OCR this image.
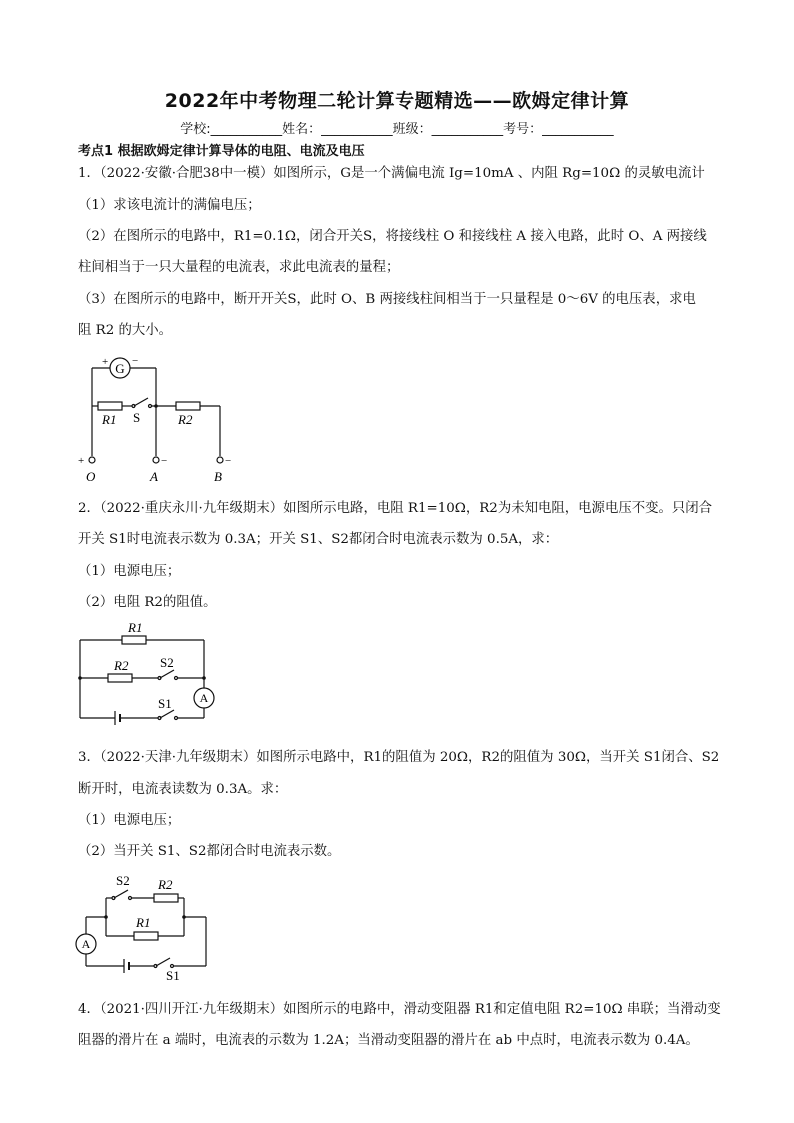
2022年中考物理二轮计算专题精选——欧姆定律计算
学校:___________姓名：___________班级：___________考号：___________
考点1 根据欧姆定律计算导体的电阻、电流及电压
1．（2022·安徽·合肥38中一模）如图所示，G是一个满偏电流 Ig=10mA 、内阻 Rg=10Ω 的灵敏电流计
（1）求该电流计的满偏电压；
（2）在图所示的电路中，R1=0.1Ω，闭合开关S，将接线柱 O 和接线柱 A 接入电路，此时 O、A 两接线
柱间相当于一只大量程的电流表，求此电流表的量程；
（3）在图所示的电路中，断开开关S，此时 O、B 两接线柱间相当于一只量程是 0～6V 的电压表，求电
阻 R2 的大小。
G
+ −
R1 S	R2
+	−	−
O	A	B
2．（2022·重庆永川·九年级期末）如图所示电路，电阻 R1=10Ω，R2为未知电阻，电源电压不变。只闭合
开关 S1时电流表示数为 0.3A；开关 S1、S2都闭合时电流表示数为 0.5A，求：
（1）电源电压；
（2）电阻 R2的阻值。
R1
R2 S2
A
S1
3．（2022·天津·九年级期末）如图所示电路中，R1的阻值为 20Ω，R2的阻值为 30Ω，当开关 S1闭合、S2
断开时，电流表读数为 0.3A。求：
（1）电源电压；
（2）当开关 S1、S2都闭合时电流表示数。
S2 R2
R1
A
S1
4．（2021·四川开江·九年级期末）如图所示的电路中，滑动变阻器 R1和定值电阻 R2=10Ω 串联；当滑动变
阻器的滑片在 a 端时，电流表的示数为 1.2A；当滑动变阻器的滑片在 ab 中点时，电流表示数为 0.4A。
